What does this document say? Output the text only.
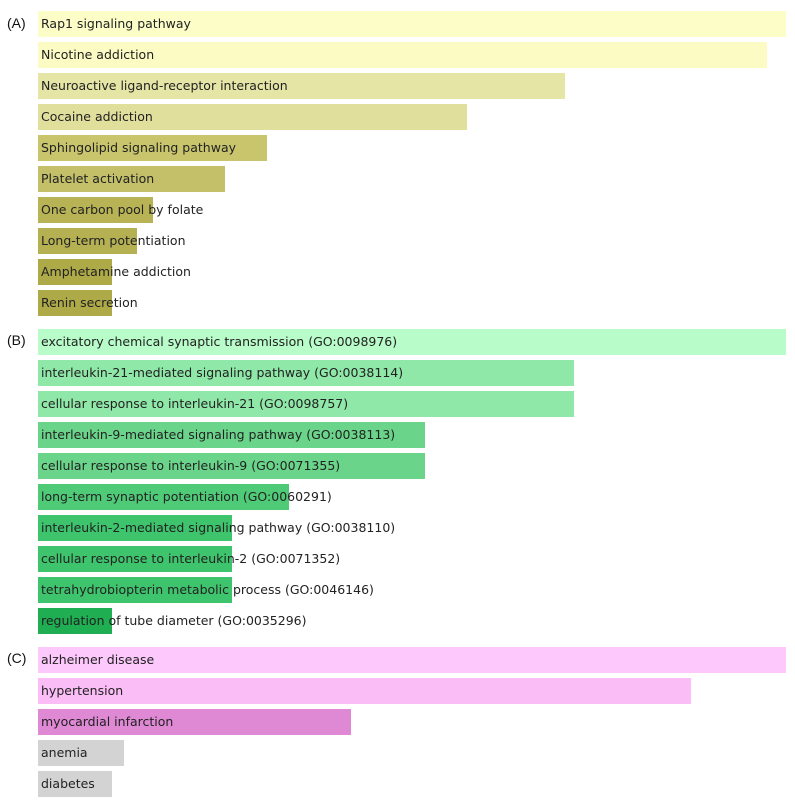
(A) Rap1 signaling pathway
Nicotine addiction
Neuroactive ligand-receptor interaction
Cocaine addiction
Sphingolipid signaling pathway
Platelet activation
One carbon pool by folate
Long-term potentiation
Amphetamine addiction
Renin secretion
(B) excitatory chemical synaptic transmission (GO:0098976)
interleukin-21-mediated signaling pathway (GO:0038114)
cellular response to interleukin-21 (GO:0098757)
interleukin-9-mediated signaling pathway (GO:0038113)
cellular response to interleukin-9 (GO:0071355)
long-term synaptic potentiation (GO:0060291)
interleukin-2-mediated signaling pathway (GO:0038110)
cellular response to interleukin-2 (GO:0071352)
tetrahydrobiopterin metabolic process (GO:0046146)
regulation of tube diameter (GO:0035296)
(C) alzheimer disease
hypertension
myocardial infarction
anemia
diabetes
